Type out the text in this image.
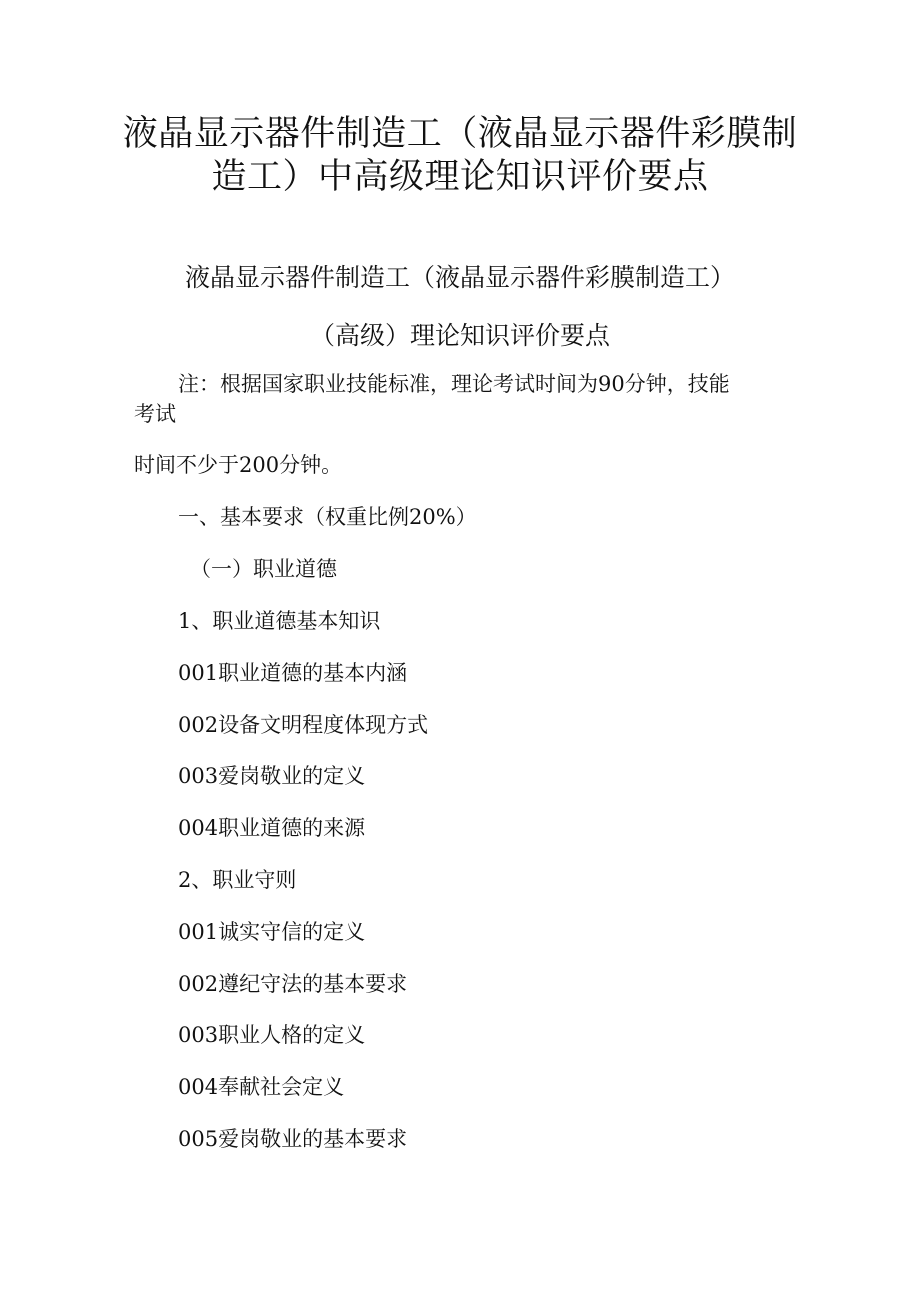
液晶显示器件制造工（液晶显示器件彩膜制
造工）中高级理论知识评价要点
液晶显示器件制造工（液晶显示器件彩膜制造工）
（高级）理论知识评价要点

注：根据国家职业技能标准，理论考试时间为90分钟，技能

考试

时间不少于200分钟。

一、基本要求（权重比例20%）

（一）职业道德

1、职业道德基本知识

001职业道德的基本内涵

002设备文明程度体现方式

003爱岗敬业的定义

004职业道德的来源

2、职业守则

001诚实守信的定义

002遵纪守法的基本要求

003职业人格的定义

004奉献社会定义

005爱岗敬业的基本要求
